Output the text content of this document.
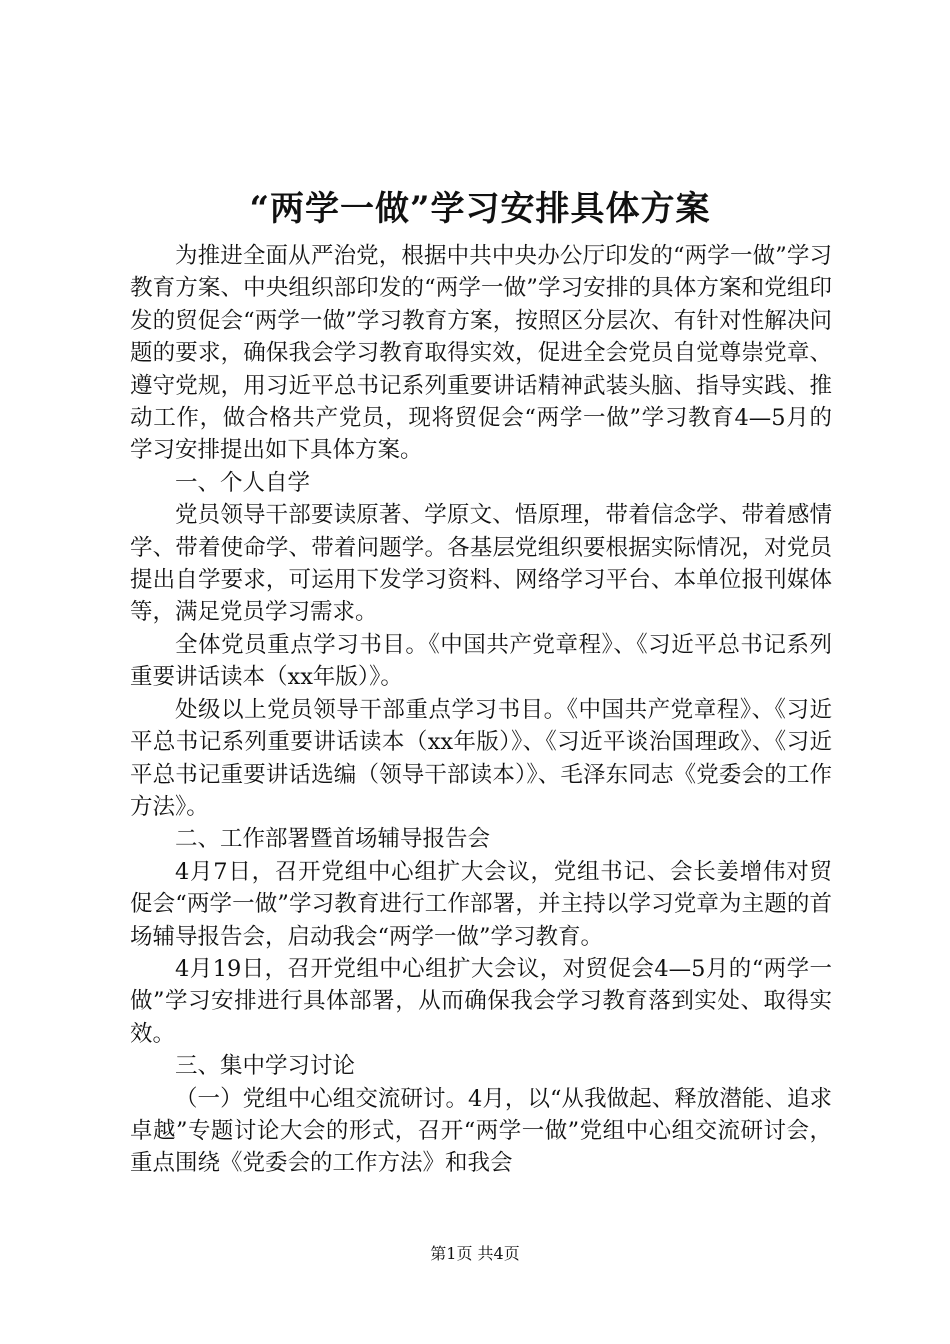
“两学一做”学习安排具体方案

为推进全面从严治党，根据中共中央办公厅印发的“两学一做”学习教育方案、中央组织部印发的“两学一做”学习安排的具体方案和党组印发的贸促会“两学一做”学习教育方案，按照区分层次、有针对性解决问题的要求，确保我会学习教育取得实效，促进全会党员自觉尊崇党章、遵守党规，用习近平总书记系列重要讲话精神武装头脑、指导实践、推动工作，做合格共产党员，现将贸促会“两学一做”学习教育4—5月的学习安排提出如下具体方案。

一、个人自学

党员领导干部要读原著、学原文、悟原理，带着信念学、带着感情学、带着使命学、带着问题学。各基层党组织要根据实际情况，对党员提出自学要求，可运用下发学习资料、网络学习平台、本单位报刊媒体等，满足党员学习需求。

全体党员重点学习书目。《中国共产党章程》、《习近平总书记系列重要讲话读本（xx年版）》。

处级以上党员领导干部重点学习书目。《中国共产党章程》、《习近平总书记系列重要讲话读本（xx年版）》、《习近平谈治国理政》、《习近平总书记重要讲话选编（领导干部读本）》、毛泽东同志《党委会的工作方法》。

二、工作部署暨首场辅导报告会

4月7日，召开党组中心组扩大会议，党组书记、会长姜增伟对贸促会“两学一做”学习教育进行工作部署，并主持以学习党章为主题的首场辅导报告会，启动我会“两学一做”学习教育。

4月19日，召开党组中心组扩大会议，对贸促会4—5月的“两学一做”学习安排进行具体部署，从而确保我会学习教育落到实处、取得实效。

三、集中学习讨论

（一）党组中心组交流研讨。4月，以“从我做起、释放潜能、追求卓越”专题讨论大会的形式，召开“两学一做”党组中心组交流研讨会，重点围绕《党委会的工作方法》和我会

第1页 共4页
